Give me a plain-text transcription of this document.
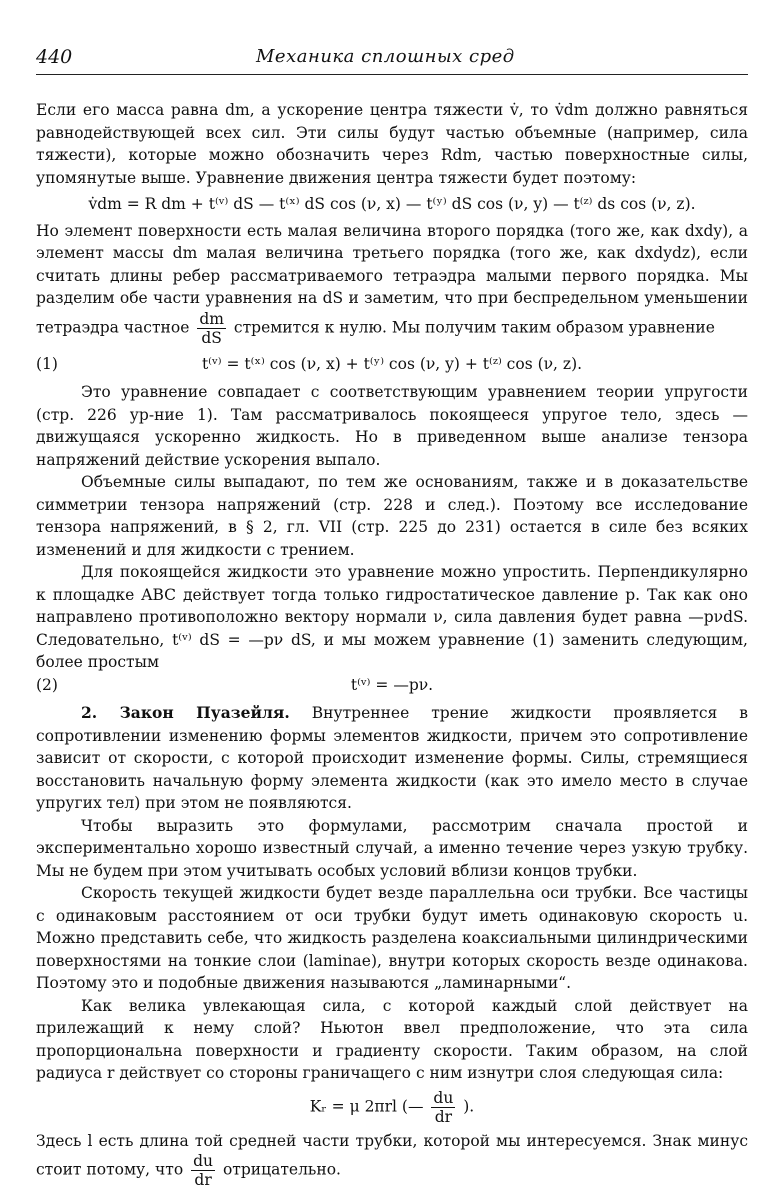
440	Механика сплошных сред

Если его масса равна dm, а ускорение центра тяжести v̇, то v̇dm должно равняться равнодействующей всех сил. Эти силы будут частью объемные (например, сила тяжести), которые можно обозначить через Rdm, частью поверхностные силы, упомянутые выше. Уравнение движения центра тяжести будет поэтому:

v̇dm = R dm + t⁽ᵛ⁾ dS — t⁽ˣ⁾ dS cos (ν, x) — t⁽ʸ⁾ dS cos (ν, y) — t⁽ᶻ⁾ ds cos (ν, z).

Но элемент поверхности есть малая величина второго порядка (того же, как dxdy), а элемент массы dm малая величина третьего порядка (того же, как dxdydz), если считать длины ребер рассматриваемого тетраэдра малыми первого порядка. Мы разделим обе части уравнения на dS и заметим, что при беспредельном уменьшении тетраэдра частное $\frac{dm}{dS}$ стремится к нулю. Мы получим таким образом уравнение

(1)	t⁽ᵛ⁾ = t⁽ˣ⁾ cos (ν, x) + t⁽ʸ⁾ cos (ν, y) + t⁽ᶻ⁾ cos (ν, z).

Это уравнение совпадает с соответствующим уравнением теории упругости (стр. 226 ур-ние 1). Там рассматривалось покоящееся упругое тело, здесь — движущаяся ускоренно жидкость. Но в приведенном выше анализе тензора напряжений действие ускорения выпало.

Объемные силы выпадают, по тем же основаниям, также и в доказательстве симметрии тензора напряжений (стр. 228 и след.). Поэтому все исследование тензора напряжений, в § 2, гл. VII (стр. 225 до 231) остается в силе без всяких изменений и для жидкости с трением.

Для покоящейся жидкости это уравнение можно упростить. Перпендикулярно к площадке ABC действует тогда только гидростатическое давление p. Так как оно направлено противоположно вектору нормали ν, сила давления будет равна —pνdS. Следовательно, t⁽ᵛ⁾ dS = —pν dS, и мы можем уравнение (1) заменить следующим, более простым

(2)	t⁽ᵛ⁾ = —pν.

2. Закон Пуазейля. Внутреннее трение жидкости проявляется в сопротивлении изменению формы элементов жидкости, причем это сопротивление зависит от скорости, с которой происходит изменение формы. Силы, стремящиеся восстановить начальную форму элемента жидкости (как это имело место в случае упругих тел) при этом не появляются.

Чтобы выразить это формулами, рассмотрим сначала простой и экспериментально хорошо известный случай, а именно течение через узкую трубку. Мы не будем при этом учитывать особых условий вблизи концов трубки.

Скорость текущей жидкости будет везде параллельна оси трубки. Все частицы с одинаковым расстоянием от оси трубки будут иметь одинаковую скорость u. Можно представить себе, что жидкость разделена коаксиальными цилиндрическими поверхностями на тонкие слои (laminae), внутри которых скорость везде одинакова. Поэтому это и подобные движения называются „ламинарными“.

Как велика увлекающая сила, с которой каждый слой действует на прилежащий к нему слой? Ньютон ввел предположение, что эта сила пропорциональна поверхности и градиенту скорости. Таким образом, на слой радиуса r действует со стороны граничащего с ним изнутри слоя следующая сила:

Kᵣ = μ 2πrl (— $\frac{du}{dr}$ ).

Здесь l есть длина той средней части трубки, которой мы интересуемся. Знак минус стоит потому, что $\frac{du}{dr}$ отрицательно.
